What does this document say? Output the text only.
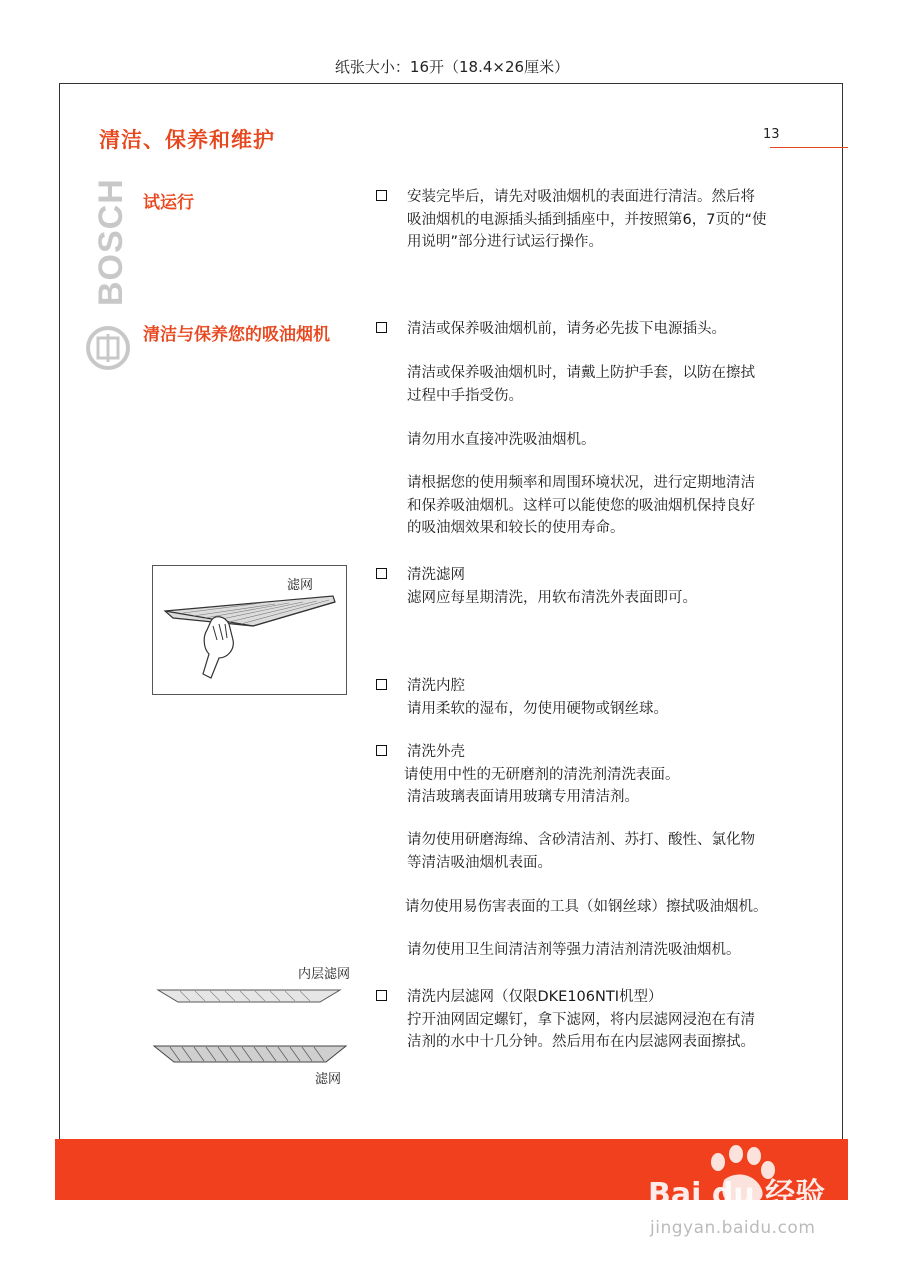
纸张大小：16开（18.4×26厘米）
清洁、保养和维护	13
BOSCH 试运行	安装完毕后，请先对吸油烟机的表面进行清洁。然后将

吸油烟机的电源插头插到插座中，并按照第6，7页的“使

用说明”部分进行试运行操作。

清洁与保养您的吸油烟机	清洁或保养吸油烟机前，请务必先拔下电源插头。

清洁或保养吸油烟机时，请戴上防护手套，以防在擦拭

过程中手指受伤。

请勿用水直接冲洗吸油烟机。

请根据您的使用频率和周围环境状况，进行定期地清洁

和保养吸油烟机。这样可以能使您的吸油烟机保持良好

的吸油烟效果和较长的使用寿命。

滤网

清洗滤网

滤网应每星期清洗，用软布清洗外表面即可。

清洗内腔

请用柔软的湿布，勿使用硬物或钢丝球。

清洗外壳

请使用中性的无研磨剂的清洗剂清洗表面。

清洁玻璃表面请用玻璃专用清洁剂。

请勿使用研磨海绵、含砂清洁剂、苏打、酸性、氯化物

等清洁吸油烟机表面。

请勿使用易伤害表面的工具（如钢丝球）擦拭吸油烟机。

请勿使用卫生间清洁剂等强力清洁剂清洗吸油烟机。

内层滤网
滤网

清洗内层滤网（仅限DKE106NTI机型）

拧开油网固定螺钉，拿下滤网，将内层滤网浸泡在有清

洁剂的水中十几分钟。然后用布在内层滤网表面擦拭。

Bai du 经验
jingyan.baidu.com
